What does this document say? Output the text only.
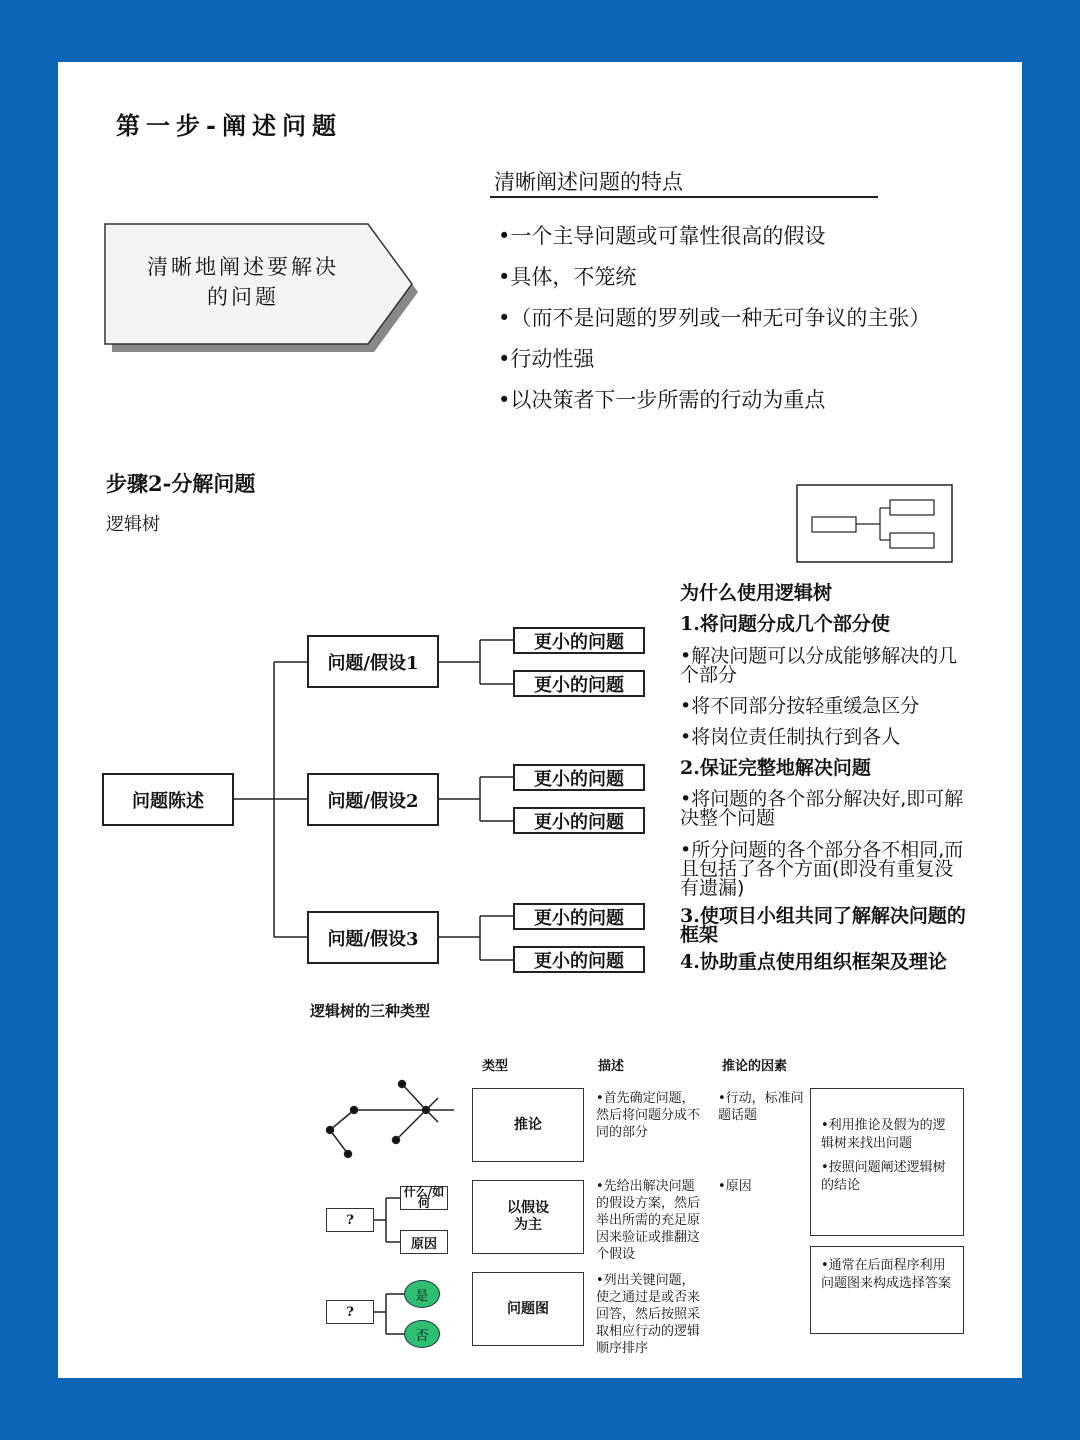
第一步-阐述问题
清晰地阐述要解决
的问题
清晰阐述问题的特点
•一个主导问题或可靠性很高的假设
•具体，不笼统
•（而不是问题的罗列或一种无可争议的主张）
•行动性强
•以决策者下一步所需的行动为重点
步骤2-分解问题
逻辑树
问题陈述
问题/假设1
问题/假设2
问题/假设3
更小的问题
更小的问题
更小的问题
更小的问题
更小的问题
更小的问题
为什么使用逻辑树
1.将问题分成几个部分使
•解决问题可以分成能够解决的几个部分
•将不同部分按轻重缓急区分
•将岗位责任制执行到各人
2.保证完整地解决问题
•将问题的各个部分解决好,即可解决整个问题
•所分问题的各个部分各不相同,而且包括了各个方面(即没有重复没有遗漏)
3.使项目小组共同了解解决问题的框架
4.协助重点使用组织框架及理论
逻辑树的三种类型
类型	描述	推论的因素
推论
•首先确定问题，然后将问题分成不同的部分
•行动，标准问题话题
?
什么/如何
原因
以假设
为主
•先给出解决问题的假设方案，然后举出所需的充足原因来验证或推翻这个假设
•原因
?
是
否
问题图
•列出关键问题，使之通过是或否来回答，然后按照采取相应行动的逻辑顺序排序
•利用推论及假为的逻辑树来找出问题
•按照问题阐述逻辑树的结论
•通常在后面程序利用问题图来构成选择答案
